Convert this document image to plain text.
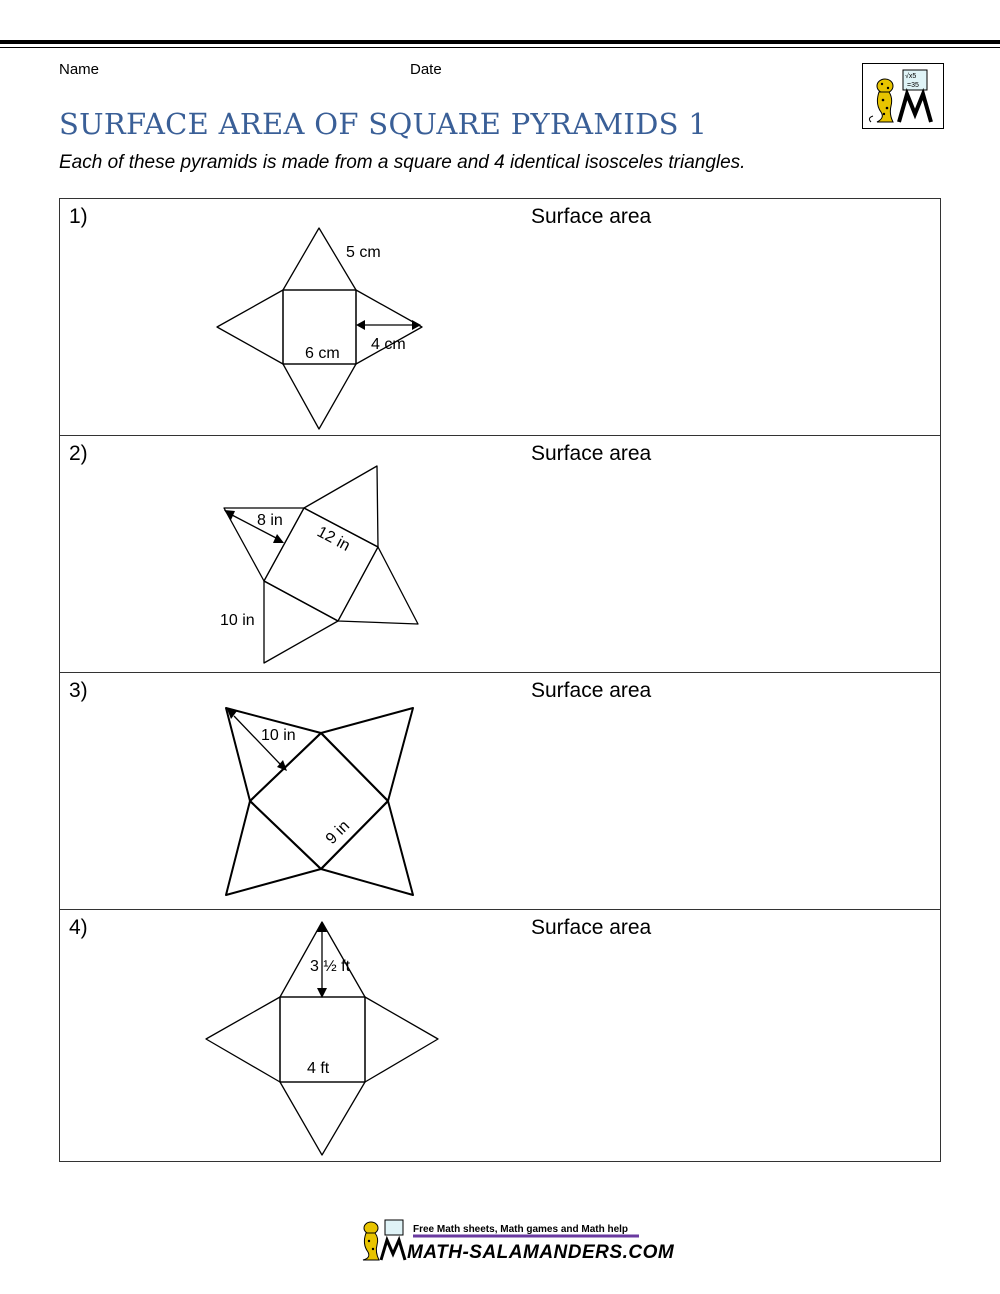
Name	Date	√x5
=35
SURFACE AREA OF SQUARE PYRAMIDS 1
Each of these pyramids is made from a square and 4 identical isosceles triangles.
1)	Surface area
5 cm
4 cm
6 cm
2)	Surface area
8 in
12 in
10 in
3)	Surface area
10 in
9 in
4)	Surface area
3 ½ ft
4 ft
Free Math sheets, Math games and Math help
MATH-SALAMANDERS.COM
